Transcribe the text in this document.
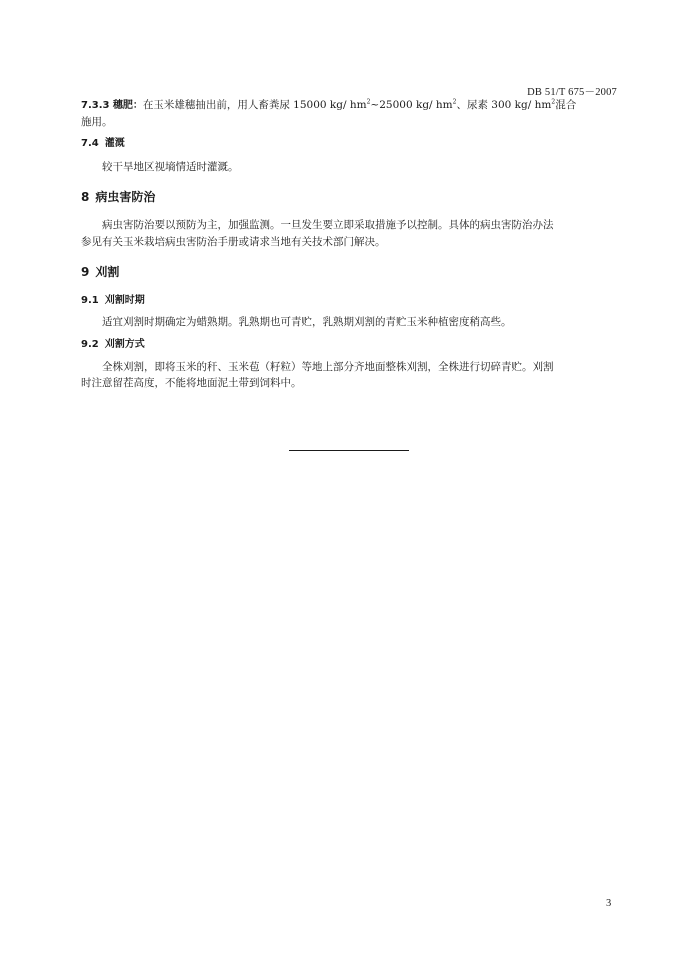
DB 51/T 675－2007
7.3.3 穗肥：在玉米雄穗抽出前，用人畜粪尿 15000 kg/ $hm^2\sim 25000$ kg/ $hm^2$、尿素 300 kg/ $hm^2$混合
施用。
7.4 灌溉
较干旱地区视墒情适时灌溉。
8 病虫害防治
病虫害防治要以预防为主，加强监测。一旦发生要立即采取措施予以控制。具体的病虫害防治办法
参见有关玉米栽培病虫害防治手册或请求当地有关技术部门解决。
9 刈割
9.1 刈割时期
适宜刈割时期确定为蜡熟期。乳熟期也可青贮，乳熟期刈割的青贮玉米种植密度稍高些。
9.2 刈割方式
全株刈割，即将玉米的秆、玉米苞（籽粒）等地上部分齐地面整株刈割，全株进行切碎青贮。刈割
时注意留茬高度，不能将地面泥土带到饲料中。
3
